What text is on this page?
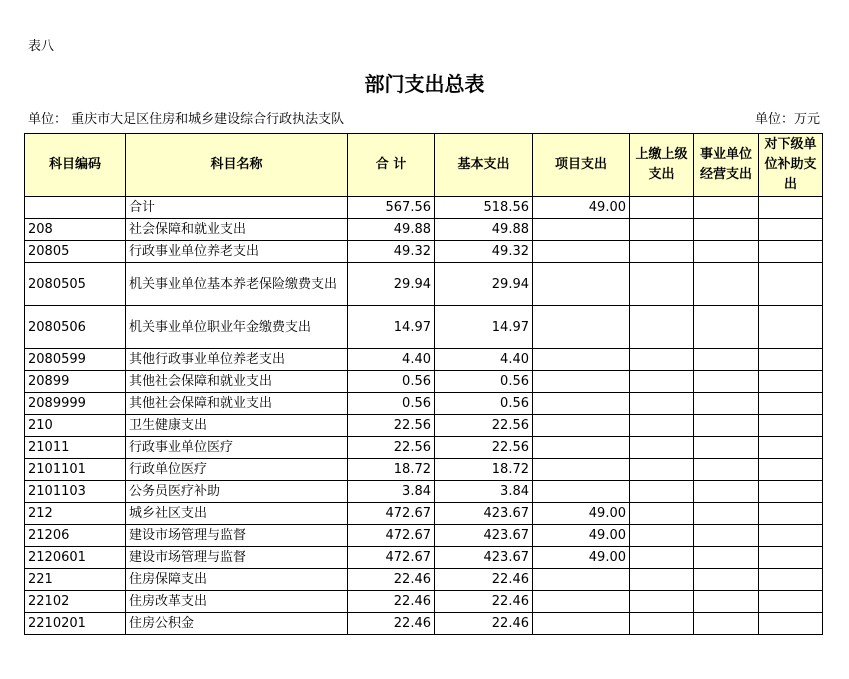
表八
部门支出总表
单位： 重庆市大足区住房和城乡建设综合行政执法支队	单位：万元
科目编码	科目名称	合 计	基本支出	项目支出	上缴上级支出	事业单位经营支出	对下级单位补助支出
	合计	567.56	518.56	49.00			
208	社会保障和就业支出	49.88	49.88				
20805	行政事业单位养老支出	49.32	49.32				
2080505	机关事业单位基本养老保险缴费支出	29.94	29.94				
2080506	机关事业单位职业年金缴费支出	14.97	14.97				
2080599	其他行政事业单位养老支出	4.40	4.40				
20899	其他社会保障和就业支出	0.56	0.56				
2089999	其他社会保障和就业支出	0.56	0.56				
210	卫生健康支出	22.56	22.56				
21011	行政事业单位医疗	22.56	22.56				
2101101	行政单位医疗	18.72	18.72				
2101103	公务员医疗补助	3.84	3.84				
212	城乡社区支出	472.67	423.67	49.00			
21206	建设市场管理与监督	472.67	423.67	49.00			
2120601	建设市场管理与监督	472.67	423.67	49.00			
221	住房保障支出	22.46	22.46				
22102	住房改革支出	22.46	22.46				
2210201	住房公积金	22.46	22.46				
